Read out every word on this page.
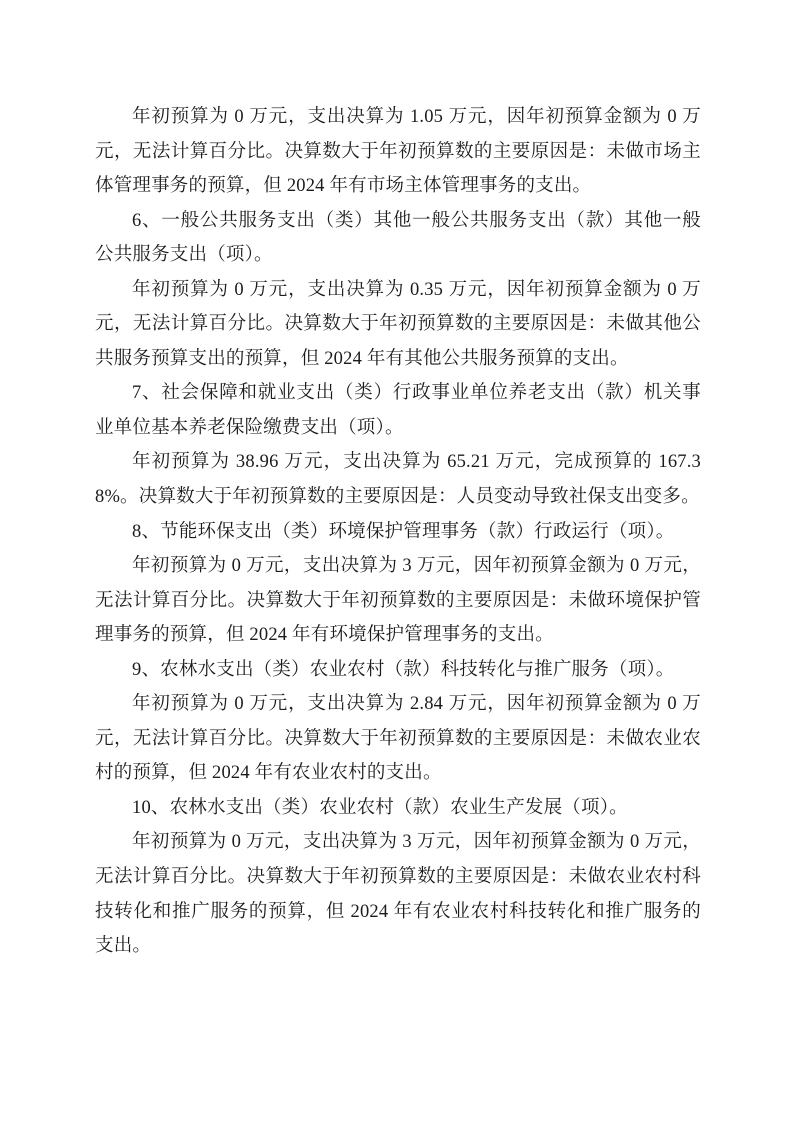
年初预算为 0 万元，支出决算为 1.05 万元，因年初预算金额为 0 万元，无法计算百分比。决算数大于年初预算数的主要原因是：未做市场主体管理事务的预算，但 2024 年有市场主体管理事务的支出。

6、一般公共服务支出（类）其他一般公共服务支出（款）其他一般公共服务支出（项）。

年初预算为 0 万元，支出决算为 0.35 万元，因年初预算金额为 0 万元，无法计算百分比。决算数大于年初预算数的主要原因是：未做其他公共服务预算支出的预算，但 2024 年有其他公共服务预算的支出。

7、社会保障和就业支出（类）行政事业单位养老支出（款）机关事业单位基本养老保险缴费支出（项）。

年初预算为 38.96 万元，支出决算为 65.21 万元，完成预算的 167.38%。决算数大于年初预算数的主要原因是：人员变动导致社保支出变多。

8、节能环保支出（类）环境保护管理事务（款）行政运行（项）。

年初预算为 0 万元，支出决算为 3 万元，因年初预算金额为 0 万元，无法计算百分比。决算数大于年初预算数的主要原因是：未做环境保护管理事务的预算，但 2024 年有环境保护管理事务的支出。

9、农林水支出（类）农业农村（款）科技转化与推广服务（项）。

年初预算为 0 万元，支出决算为 2.84 万元，因年初预算金额为 0 万元，无法计算百分比。决算数大于年初预算数的主要原因是：未做农业农村的预算，但 2024 年有农业农村的支出。

10、农林水支出（类）农业农村（款）农业生产发展（项）。

年初预算为 0 万元，支出决算为 3 万元，因年初预算金额为 0 万元，无法计算百分比。决算数大于年初预算数的主要原因是：未做农业农村科技转化和推广服务的预算，但 2024 年有农业农村科技转化和推广服务的支出。
